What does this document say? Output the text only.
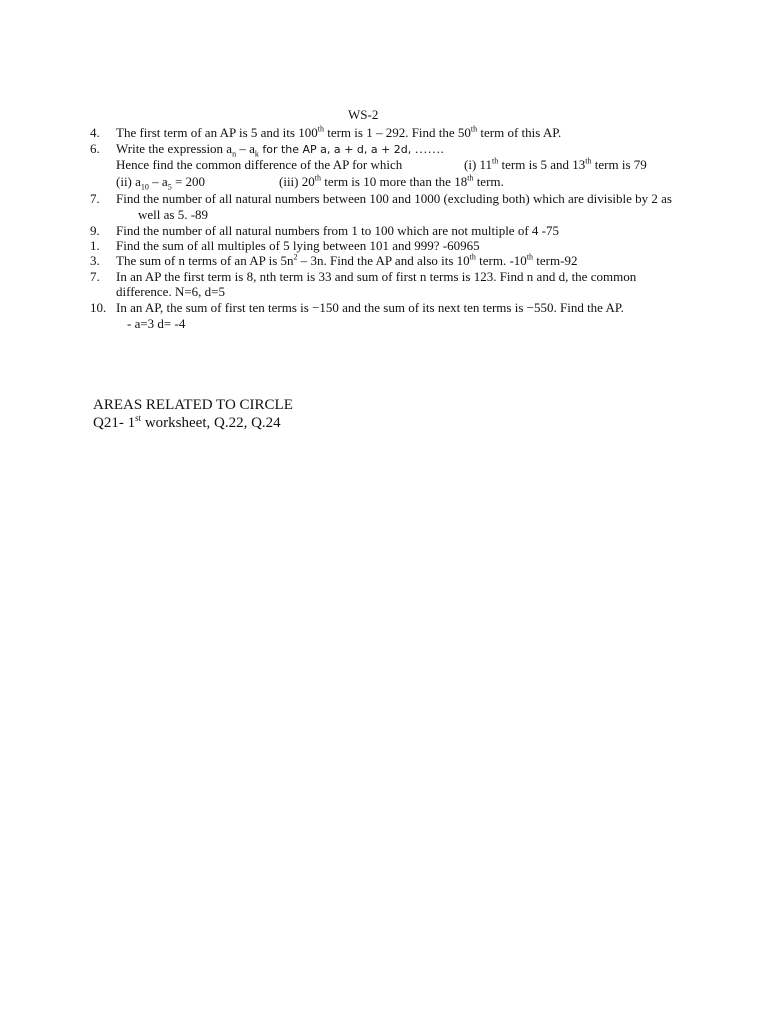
WS-2
4. The first term of an AP is 5 and its 100th term is 1 – 292. Find the 50th term of this AP.
6. Write the expression $a_n - a_k$ for the AP a, a + d, a + 2d, …….
Hence find the common difference of the AP for which	(i) 11th term is 5 and 13th term is 79
(ii) $a_{10} - a_5 = 200$	(iii) 20th term is 10 more than the 18th term.
7. Find the number of all natural numbers between 100 and 1000 (excluding both) which are divisible by 2 as
well as 5. -89
9. Find the number of all natural numbers from 1 to 100 which are not multiple of 4 -75
1. Find the sum of all multiples of 5 lying between 101 and 999? -60965
3. The sum of n terms of an AP is $5n^2 - 3n$. Find the AP and also its 10th term. -10th term-92
7. In an AP the first term is 8, nth term is 33 and sum of first n terms is 123. Find n and d, the common
difference. N=6, d=5
10. In an AP, the sum of first ten terms is −150 and the sum of its next ten terms is −550. Find the AP.
- a=3 d= -4
AREAS RELATED TO CIRCLE
Q21- 1st worksheet, Q.22, Q.24
